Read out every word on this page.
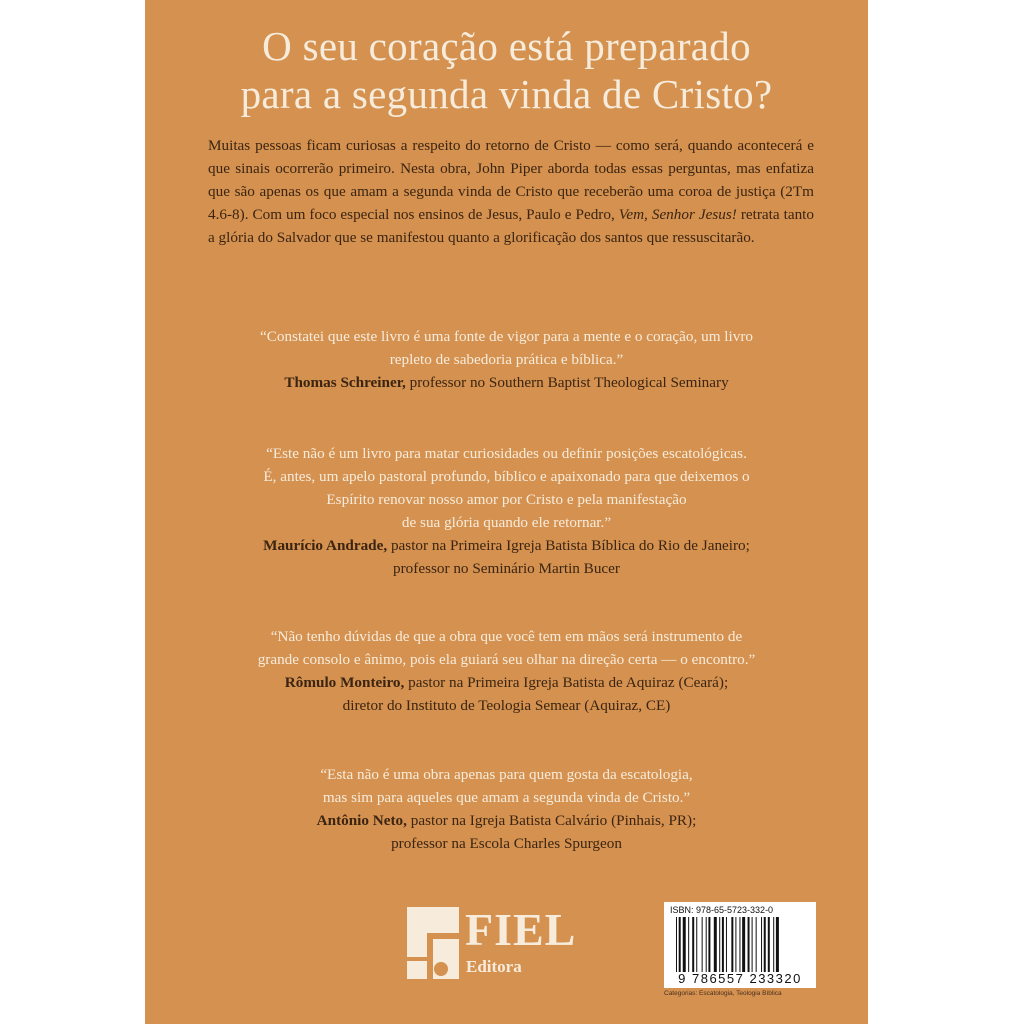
O seu coração está preparado
para a segunda vinda de Cristo?
Muitas pessoas ficam curiosas a respeito do retorno de Cristo — como será, quando acontecerá e que sinais ocorrerão primeiro. Nesta obra, John Piper aborda todas essas perguntas, mas enfatiza que são apenas os que amam a segunda vinda de Cristo que receberão uma coroa de justiça (2Tm 4.6-8). Com um foco especial nos ensinos de Jesus, Paulo e Pedro, Vem, Senhor Jesus! retrata tanto a glória do Salvador que se manifestou quanto a glorificação dos santos que ressuscitarão.
“Constatei que este livro é uma fonte de vigor para a mente e o coração, um livro
repleto de sabedoria prática e bíblica.”
Thomas Schreiner, professor no Southern Baptist Theological Seminary
“Este não é um livro para matar curiosidades ou definir posições escatológicas.
É, antes, um apelo pastoral profundo, bíblico e apaixonado para que deixemos o
Espírito renovar nosso amor por Cristo e pela manifestação
de sua glória quando ele retornar.”
Maurício Andrade, pastor na Primeira Igreja Batista Bíblica do Rio de Janeiro;
professor no Seminário Martin Bucer
“Não tenho dúvidas de que a obra que você tem em mãos será instrumento de
grande consolo e ânimo, pois ela guiará seu olhar na direção certa — o encontro.”
Rômulo Monteiro, pastor na Primeira Igreja Batista de Aquiraz (Ceará);
diretor do Instituto de Teologia Semear (Aquiraz, CE)
“Esta não é uma obra apenas para quem gosta da escatologia,
mas sim para aqueles que amam a segunda vinda de Cristo.”
Antônio Neto, pastor na Igreja Batista Calvário (Pinhais, PR);
professor na Escola Charles Spurgeon
FIEL
Editora
ISBN: 978-65-5723-332-0
9 786557 233320
Categorias: Escatologia, Teologia Bíblica
